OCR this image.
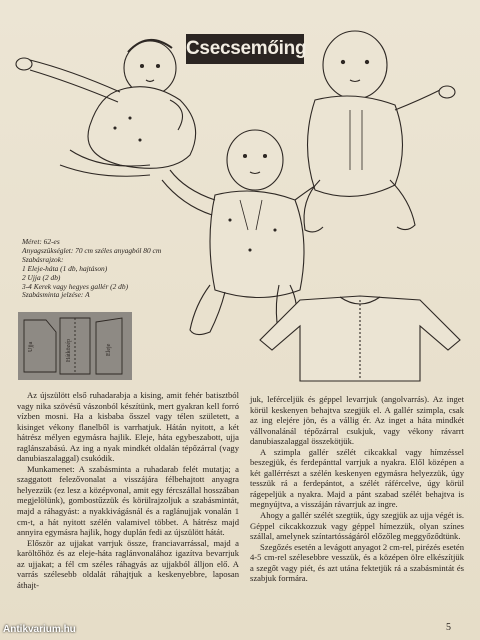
Csecsemőing
Méret: 62-es
Anyagszükséglet: 70 cm széles anyagból 80 cm
Szabásrajzok:
1 Eleje-háta (1 db, hajtáson)
2 Ujja (2 db)
3-4 Kerek vagy hegyes gallér (2 db)
Szabásminta jelzése: A
Ujja	Hátközép	Eleje

Az újszülött első ruhadarabja a kising, amit fehér batisztból vagy nika szövésű vászonból készítünk, mert gyakran kell forró vízben mosni. Ha a kisbaba ősszel vagy télen született, a kisinget vékony flanelből is varrhatjuk. Hátán nyitott, a két hátrész mélyen egymásra hajlik. Eleje, háta egybeszabott, ujja raglánszabású. Az ing a nyak mindkét oldalán tépőzárral (vagy danubiaszalaggal) csukódik.

Munkamenet: A szabásminta a ruhadarab felét mutatja; a szaggatott felezővonalat a visszájára félbehajtott anyagra helyezzük (ez lesz a középvonal, amit egy fércszállal hosszában megjelölünk), gombostűzzük és körülrajzoljuk a szabásmintát, majd a ráhagyást: a nyakkivágásnál és a raglánujjak vonalán 1 cm-t, a hát nyitott szélén valamivel többet. A hátrész majd annyira egymásra hajlik, hogy duplán fedi az újszülött hátát.

Először az ujjakat varrjuk össze, franciavarrással, majd a karöltőhöz és az eleje-háta raglánvonalához igazítva bevarrjuk az ujjakat; a fél cm széles ráhagyás az ujjakból álljon elő. A varrás szélesebb oldalát ráhajtjuk a keskenyebbre, laposan áthajt-

juk, leférceljük és géppel levarrjuk (angolvarrás). Az inget körül keskenyen behajtva szegjük el. A gallér szimpla, csak az ing elejére jön, és a vállig ér. Az inget a háta mindkét vállvonalánál tépőzárral csukjuk, vagy vékony rávarrt danubiaszalaggal összekötjük.

A szimpla gallér szélét cikcakkal vagy hímzéssel beszegjük, és ferdepánttal varrjuk a nyakra. Elől középen a két gallérrészt a szélén keskenyen egymásra helyezzük, úgy tesszük rá a ferdepántot, a szélét ráfércelve, úgy körül rágepeljük a nyakra. Majd a pánt szabad szélét behajtva is megnyújtva, a visszáján rávarrjuk az ingre.

Ahogy a gallér szélét szegtük, úgy szegjük az ujja végét is. Géppel cikcakkozzuk vagy géppel hímezzük, olyan színes szállal, amelynek színtartósságáról előzőleg meggyőződtünk.

Szegőzés esetén a levágott anyagot 2 cm-rel, pirézés esetén 4-5 cm-rel szélesebbre vesszük, és a középen ölre elkészítjük a szegőt vagy piét, és azt utána fektetjük rá a szabásmintát és szabjuk formára.

5
Antikvarium.hu
